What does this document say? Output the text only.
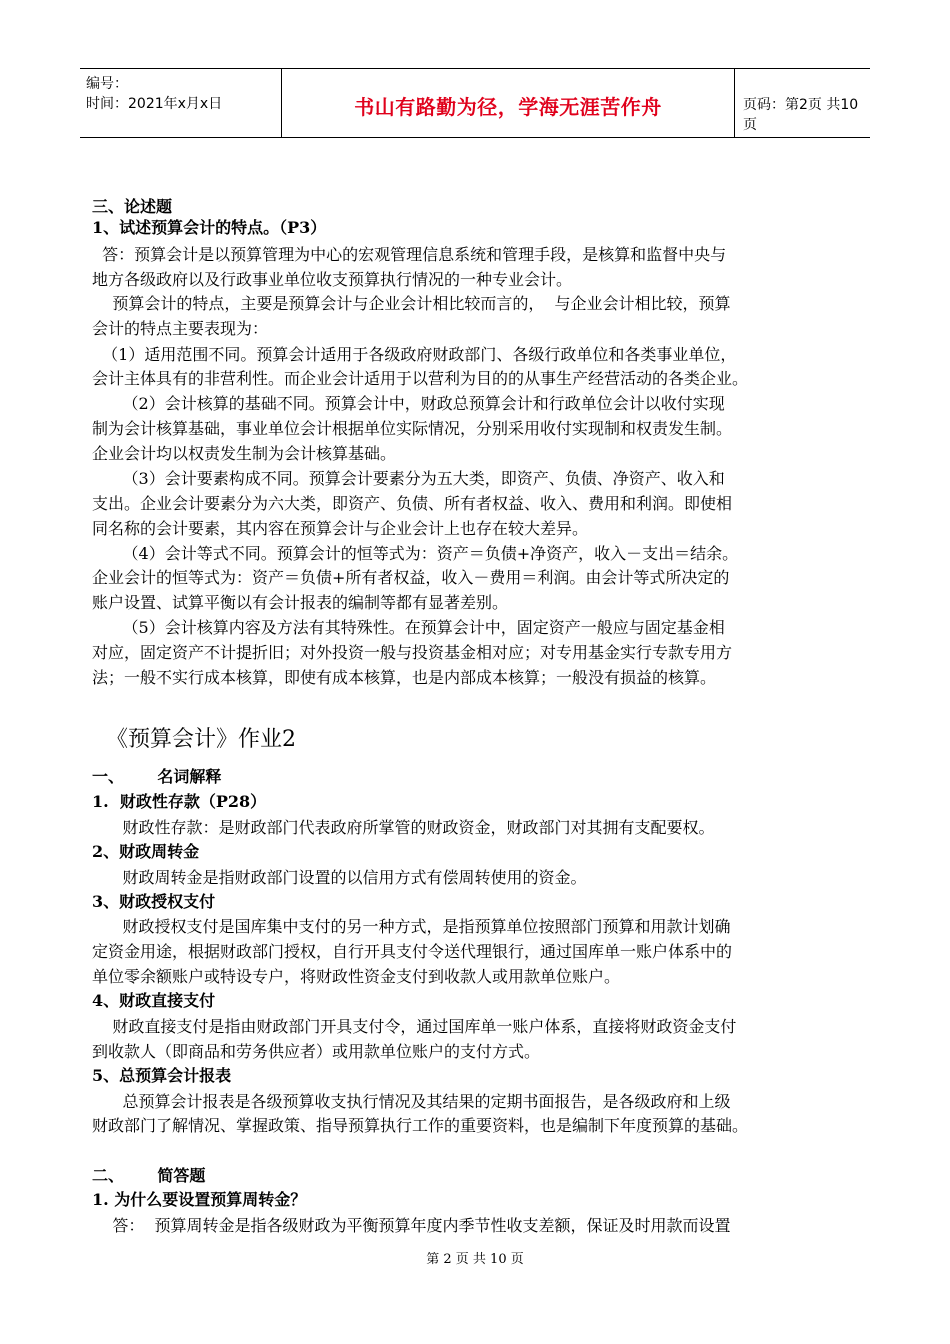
编号：
时间：2021年x月x日	书山有路勤为径，学海无涯苦作舟	页码：第2页 共10页
三、论述题
1、试述预算会计的特点。（P3）
答：预算会计是以预算管理为中心的宏观管理信息系统和管理手段，是核算和监督中央与
地方各级政府以及行政事业单位收支预算执行情况的一种专业会计。
预算会计的特点，主要是预算会计与企业会计相比较而言的，  与企业会计相比较，预算
会计的特点主要表现为：
（1）适用范围不同。预算会计适用于各级政府财政部门、各级行政单位和各类事业单位，
会计主体具有的非营利性。而企业会计适用于以营利为目的的从事生产经营活动的各类企业。
（2）会计核算的基础不同。预算会计中，财政总预算会计和行政单位会计以收付实现
制为会计核算基础，事业单位会计根据单位实际情况，分别采用收付实现制和权责发生制。
企业会计均以权责发生制为会计核算基础。
（3）会计要素构成不同。预算会计要素分为五大类，即资产、负债、净资产、收入和
支出。企业会计要素分为六大类，即资产、负债、所有者权益、收入、费用和利润。即使相
同名称的会计要素，其内容在预算会计与企业会计上也存在较大差异。
（4）会计等式不同。预算会计的恒等式为：资产＝负债+净资产，收入－支出＝结余。
企业会计的恒等式为：资产＝负债+所有者权益，收入－费用＝利润。由会计等式所决定的
账户设置、试算平衡以有会计报表的编制等都有显著差别。
（5）会计核算内容及方法有其特殊性。在预算会计中，固定资产一般应与固定基金相
对应，固定资产不计提折旧；对外投资一般与投资基金相对应；对专用基金实行专款专用方
法；一般不实行成本核算，即使有成本核算，也是内部成本核算；一般没有损益的核算。
《预算会计》作业2
一、      名词解释
1.  财政性存款（P28）
财政性存款：是财政部门代表政府所掌管的财政资金，财政部门对其拥有支配要权。
2、财政周转金
财政周转金是指财政部门设置的以信用方式有偿周转使用的资金。
3、财政授权支付
财政授权支付是国库集中支付的另一种方式，是指预算单位按照部门预算和用款计划确
定资金用途，根据财政部门授权，自行开具支付令送代理银行，通过国库单一账户体系中的
单位零余额账户或特设专户，将财政性资金支付到收款人或用款单位账户。
4、财政直接支付
财政直接支付是指由财政部门开具支付令，通过国库单一账户体系，直接将财政资金支付
到收款人（即商品和劳务供应者）或用款单位账户的支付方式。
5、总预算会计报表
总预算会计报表是各级预算收支执行情况及其结果的定期书面报告，是各级政府和上级
财政部门了解情况、掌握政策、指导预算执行工作的重要资料，也是编制下年度预算的基础。
二、      简答题
1. 为什么要设置预算周转金？
答：  预算周转金是指各级财政为平衡预算年度内季节性收支差额，保证及时用款而设置
第 2 页 共 10 页
